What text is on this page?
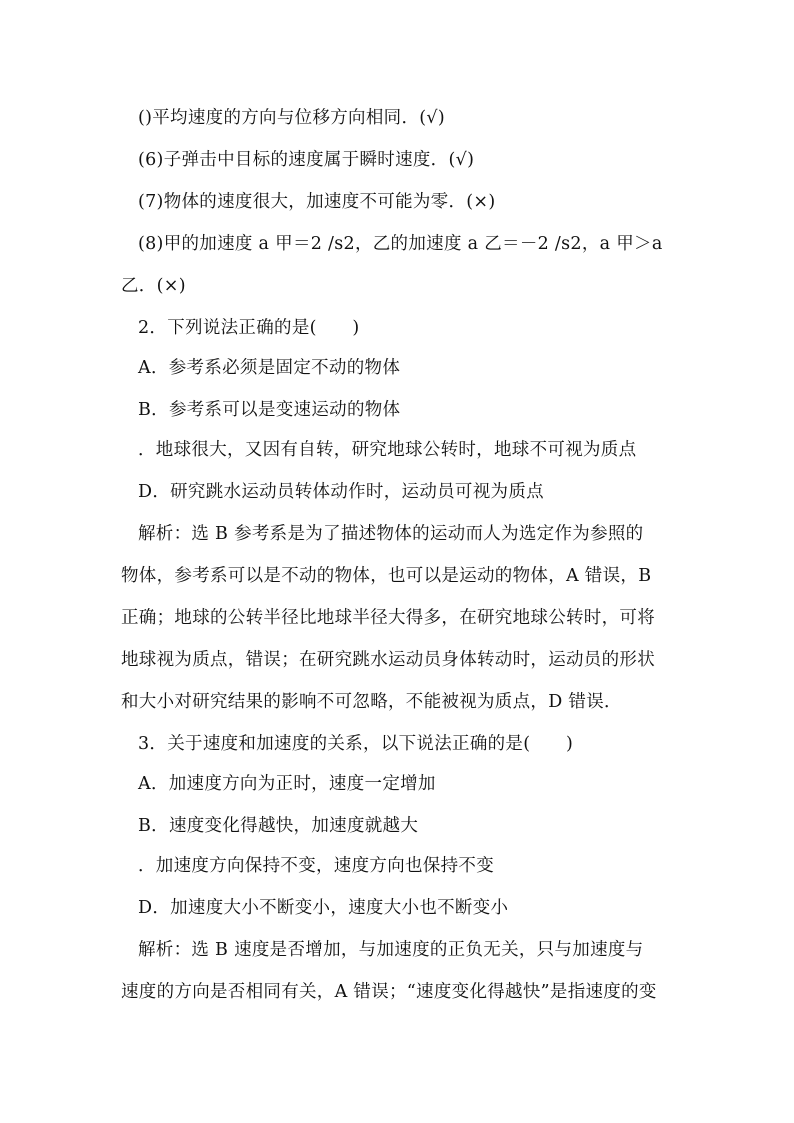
()平均速度的方向与位移方向相同．(√)
(6)子弹击中目标的速度属于瞬时速度．(√)
(7)物体的速度很大，加速度不可能为零．(×)
(8)甲的加速度 a 甲＝2 /s2，乙的加速度 a 乙＝－2 /s2，a 甲＞a
乙．(×)
2．下列说法正确的是(　　)
A．参考系必须是固定不动的物体
B．参考系可以是变速运动的物体
．地球很大，又因有自转，研究地球公转时，地球不可视为质点
D．研究跳水运动员转体动作时，运动员可视为质点
解析：选 B 参考系是为了描述物体的运动而人为选定作为参照的
物体，参考系可以是不动的物体，也可以是运动的物体，A 错误，B
正确；地球的公转半径比地球半径大得多，在研究地球公转时，可将
地球视为质点，错误；在研究跳水运动员身体转动时，运动员的形状
和大小对研究结果的影响不可忽略，不能被视为质点，D 错误．
3．关于速度和加速度的关系，以下说法正确的是(　　)
A．加速度方向为正时，速度一定增加
B．速度变化得越快，加速度就越大
．加速度方向保持不变，速度方向也保持不变
D．加速度大小不断变小，速度大小也不断变小
解析：选 B 速度是否增加，与加速度的正负无关，只与加速度与
速度的方向是否相同有关，A 错误；“速度变化得越快”是指速度的变
